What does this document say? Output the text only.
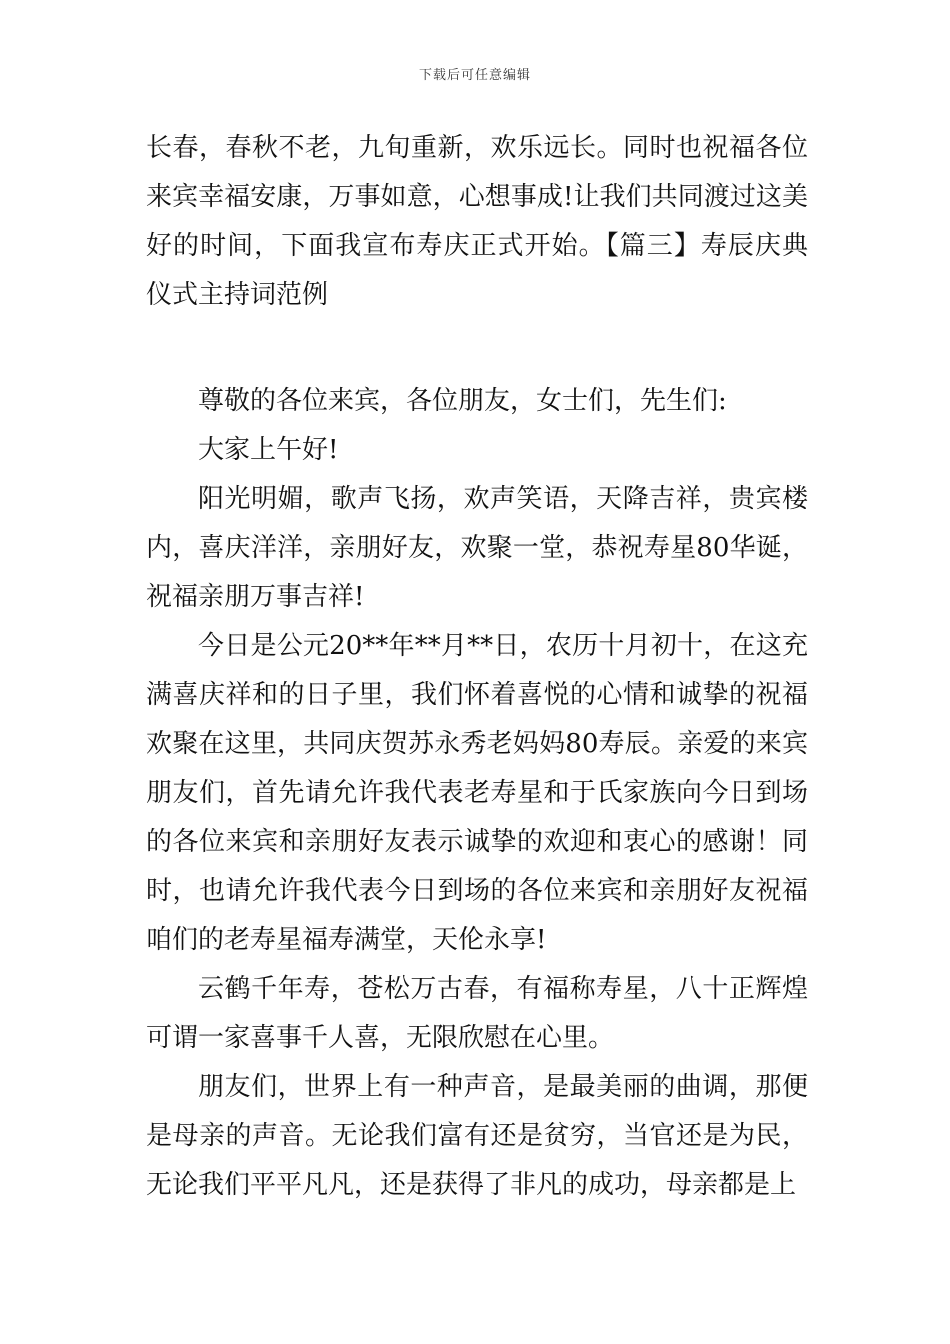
下载后可任意编辑

长春，春秋不老，九旬重新，欢乐远长。同时也祝福各位来宾幸福安康，万事如意，心想事成!让我们共同渡过这美好的时间，下面我宣布寿庆正式开始。【篇三】寿辰庆典仪式主持词范例

尊敬的各位来宾，各位朋友，女士们，先生们:

大家上午好!

阳光明媚，歌声飞扬，欢声笑语，天降吉祥，贵宾楼内，喜庆洋洋，亲朋好友，欢聚一堂，恭祝寿星80华诞，祝福亲朋万事吉祥!

今日是公元20**年**月**日，农历十月初十，在这充满喜庆祥和的日子里，我们怀着喜悦的心情和诚挚的祝福欢聚在这里，共同庆贺苏永秀老妈妈80寿辰。亲爱的来宾朋友们，首先请允许我代表老寿星和于氏家族向今日到场的各位来宾和亲朋好友表示诚挚的欢迎和衷心的感谢！同时，也请允许我代表今日到场的各位来宾和亲朋好友祝福咱们的老寿星福寿满堂，天伦永享!

云鹤千年寿，苍松万古春，有福称寿星，八十正辉煌可谓一家喜事千人喜，无限欣慰在心里。

朋友们，世界上有一种声音，是最美丽的曲调，那便是母亲的声音。无论我们富有还是贫穷，当官还是为民，无论我们平平凡凡，还是获得了非凡的成功，母亲都是上
